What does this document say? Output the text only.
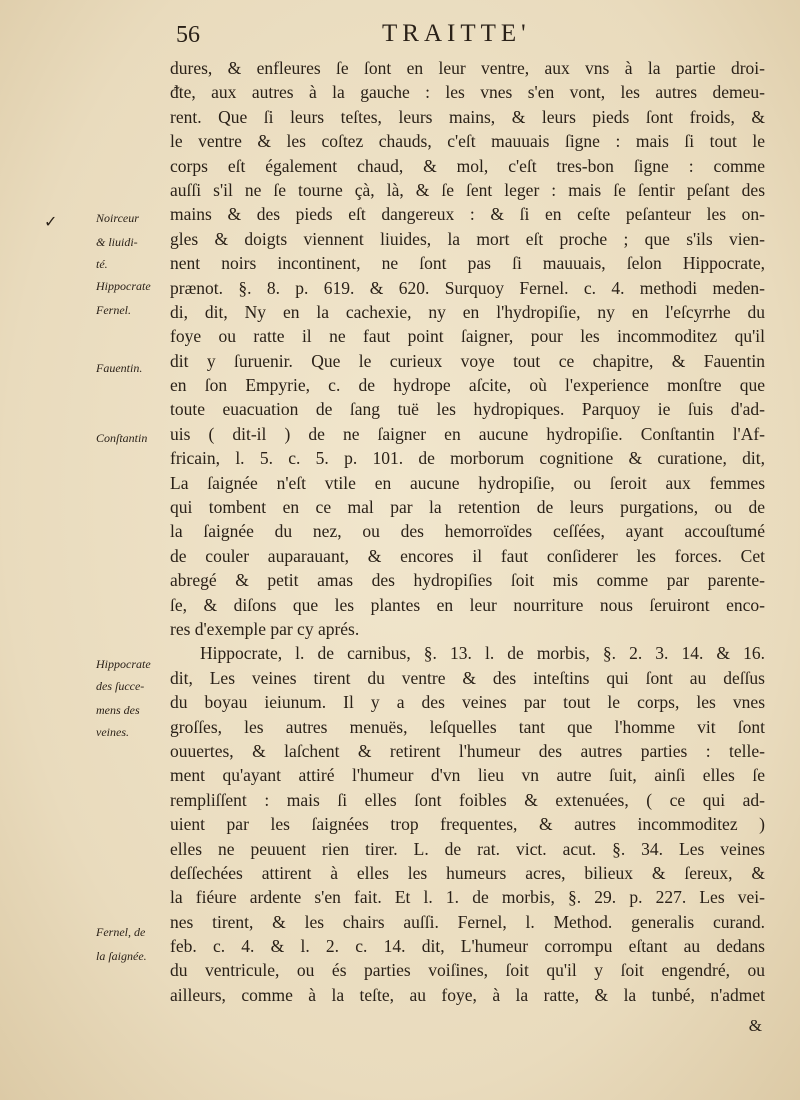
56	TRAITTE'
✓	Noirceur
& liuidi-
té.
Hippocrate
Fernel.
Fauentin.
Conſtantin
Hippocrate
des ſucce-
mens des
veines.
Fernel, de
la ſaignée.
dures, & enfleures ſe ſont en leur ventre, aux vns à la partie droi-
ᵭte, aux autres à la gauche : les vnes s'en vont, les autres demeu-
rent. Que ſi leurs teſtes, leurs mains, & leurs pieds ſont froids, &
le ventre & les coſtez chauds, c'eſt mauuais ſigne : mais ſi tout le
corps eſt également chaud, & mol, c'eſt tres-bon ſigne : comme
auſſi s'il ne ſe tourne çà, là, & ſe ſent leger : mais ſe ſentir peſant des
mains & des pieds eſt dangereux : & ſi en ceſte peſanteur les on-
gles & doigts viennent liuides, la mort eſt proche ; que s'ils vien-
nent noirs incontinent, ne ſont pas ſi mauuais, ſelon Hippocrate,
prænot. §. 8. p. 619. & 620. Surquoy Fernel. c. 4. methodi meden-
di, dit, Ny en la cachexie, ny en l'hydropiſie, ny en l'eſcyrrhe du
foye ou ratte il ne faut point ſaigner, pour les incommoditez qu'il
dit y ſuruenir. Que le curieux voye tout ce chapitre, & Fauentin
en ſon Empyrie, c. de hydrope aſcite, où l'experience monſtre que
toute euacuation de ſang tuë les hydropiques. Parquoy ie ſuis d'ad-
uis ( dit-il ) de ne ſaigner en aucune hydropiſie. Conſtantin l'Af-
fricain, l. 5. c. 5. p. 101. de morborum cognitione & curatione, dit,
La ſaignée n'eſt vtile en aucune hydropiſie, ou ſeroit aux femmes
qui tombent en ce mal par la retention de leurs purgations, ou de
la ſaignée du nez, ou des hemorroïdes ceſſées, ayant accouſtumé
de couler auparauant, & encores il faut conſiderer les forces. Cet
abregé & petit amas des hydropiſies ſoit mis comme par parente-
ſe, & diſons que les plantes en leur nourriture nous ſeruiront enco-
res d'exemple par cy aprés.
Hippocrate, l. de carnibus, §. 13. l. de morbis, §. 2. 3. 14. & 16.
dit, Les veines tirent du ventre & des inteſtins qui ſont au deſſus
du boyau ieiunum. Il y a des veines par tout le corps, les vnes
groſſes, les autres menuës, leſquelles tant que l'homme vit ſont
ouuertes, & laſchent & retirent l'humeur des autres parties : telle-
ment qu'ayant attiré l'humeur d'vn lieu vn autre ſuit, ainſi elles ſe
rempliſſent : mais ſi elles ſont foibles & extenuées, ( ce qui ad-
uient par les ſaignées trop frequentes, & autres incommoditez )
elles ne peuuent rien tirer. L. de rat. vict. acut. §. 34. Les veines
deſſechées attirent à elles les humeurs acres, bilieux & ſereux, &
la fiéure ardente s'en fait. Et l. 1. de morbis, §. 29. p. 227. Les vei-
nes tirent, & les chairs auſſi. Fernel, l. Method. generalis curand.
feb. c. 4. & l. 2. c. 14. dit, L'humeur corrompu eſtant au dedans
du ventricule, ou és parties voiſines, ſoit qu'il y ſoit engendré, ou
ailleurs, comme à la teſte, au foye, à la ratte, & la tunbé, n'admet
&
